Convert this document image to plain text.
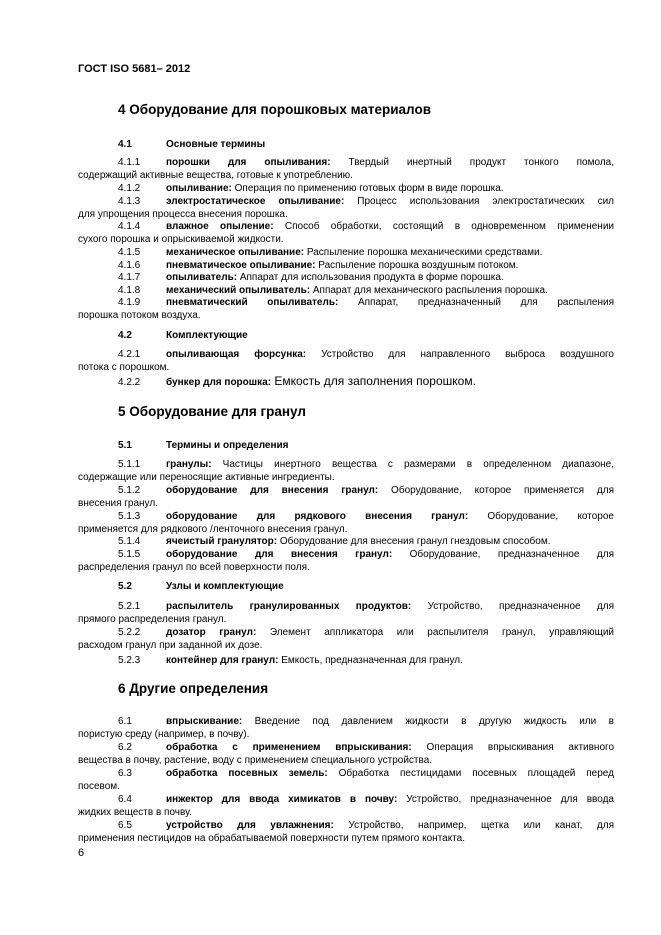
ГОСТ ISO 5681– 2012
4 Оборудование для порошковых материалов
4.1	Основные термины
4.1.1	порошки для опыливания: Твердый инертный продукт тонкого помола,
содержащий активные вещества, готовые к употреблению.
4.1.2	опыливание: Операция по применению готовых форм в виде порошка.
4.1.3	электростатическое опыливание: Процесс использования электростатических сил
для упрощения процесса внесения порошка.
4.1.4	влажное опыление: Способ обработки, состоящий в одновременном применении
сухого порошка и опрыскиваемой жидкости.
4.1.5	механическое опыливание: Распыление порошка механическими средствами.
4.1.6	пневматическое опыливание: Распыление порошка воздушным потоком.
4.1.7	опыливатель: Аппарат для использования продукта в форме порошка.
4.1.8	механический опыливатель: Аппарат для механического распыления порошка.
4.1.9	пневматический опыливатель: Аппарат, предназначенный для распыления
порошка потоком воздуха.
4.2	Комплектующие
4.2.1	опыливающая форсунка: Устройство для направленного выброса воздушного
потока с порошком.
4.2.2	бункер для порошка: Емкость для заполнения порошком.
5 Оборудование для гранул
5.1	Термины и определения
5.1.1	гранулы: Частицы инертного вещества с размерами в определенном диапазоне,
содержащие или переносящие активные ингредиенты.
5.1.2	оборудование для внесения гранул: Оборудование, которое применяется для
внесения гранул.
5.1.3	оборудование для рядкового внесения гранул: Оборудование, которое
применяется для рядкового /ленточного внесения гранул.
5.1.4	ячеистый гранулятор: Оборудование для внесения гранул гнездовым способом.
5.1.5	оборудование для внесения гранул: Оборудование, предназначенное для
распределения гранул по всей поверхности поля.
5.2	Узлы и комплектующие
5.2.1	распылитель гранулированных продуктов: Устройство, предназначенное для
прямого распределения гранул.
5.2.2	дозатор гранул: Элемент аппликатора или распылителя гранул, управляющий
расходом гранул при заданной их дозе.
5.2.3	контейнер для гранул: Емкость, предназначенная для гранул.
6 Другие определения
6.1	впрыскивание: Введение под давлением жидкости в другую жидкость или в
пористую среду (например, в почву).
6.2	обработка с применением впрыскивания: Операция впрыскивания активного
вещества в почву, растение, воду с применением специального устройства.
6.3	обработка посевных земель: Обработка пестицидами посевных площадей перед
посевом.
6.4	инжектор для ввода химикатов в почву: Устройство, предназначенное для ввода
жидких веществ в почву.
6.5	устройство для увлажнения: Устройство, например, щетка или канат, для
применения пестицидов на обрабатываемой поверхности путем прямого контакта.
6
